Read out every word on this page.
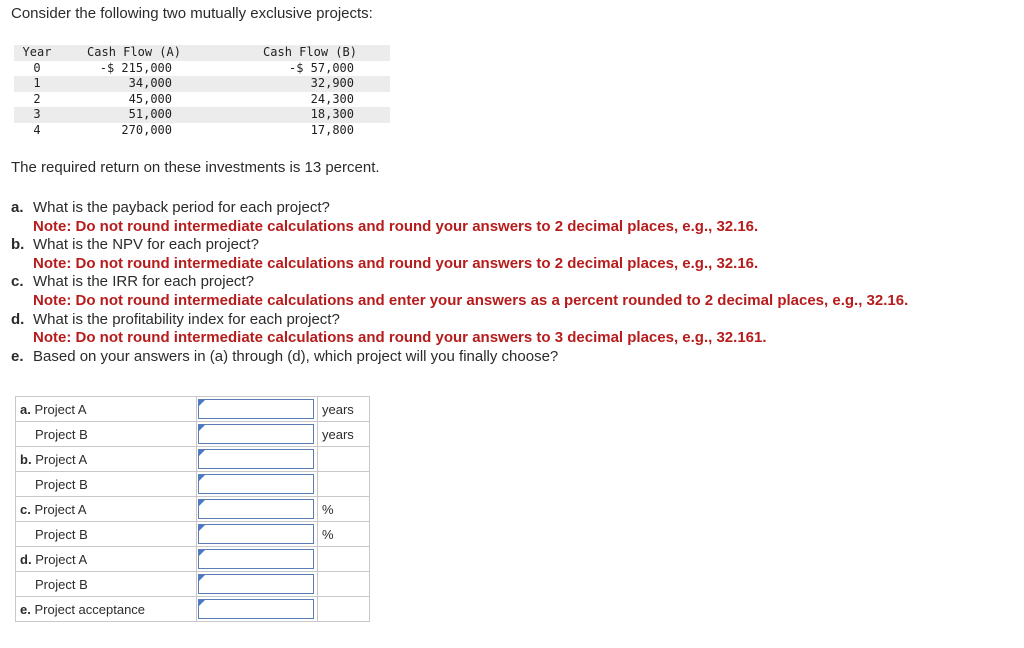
Consider the following two mutually exclusive projects:
Year		Cash Flow (A)		Cash Flow (B)
0		-$ 215,000		-$ 57,000
1		34,000		32,900
2		45,000		24,300
3		51,000		18,300
4		270,000		17,800
The required return on these investments is 13 percent.
a. What is the payback period for each project?
Note: Do not round intermediate calculations and round your answers to 2 decimal places, e.g., 32.16.
b. What is the NPV for each project?
Note: Do not round intermediate calculations and round your answers to 2 decimal places, e.g., 32.16.
c. What is the IRR for each project?
Note: Do not round intermediate calculations and enter your answers as a percent rounded to 2 decimal places, e.g., 32.16.
d. What is the profitability index for each project?
Note: Do not round intermediate calculations and round your answers to 3 decimal places, e.g., 32.161.
e. Based on your answers in (a) through (d), which project will you finally choose?
a. Project A		years
Project B		years
b. Project A	

Project B	

c. Project A		%
Project B		%
d. Project A	

Project B	

e. Project acceptance	
